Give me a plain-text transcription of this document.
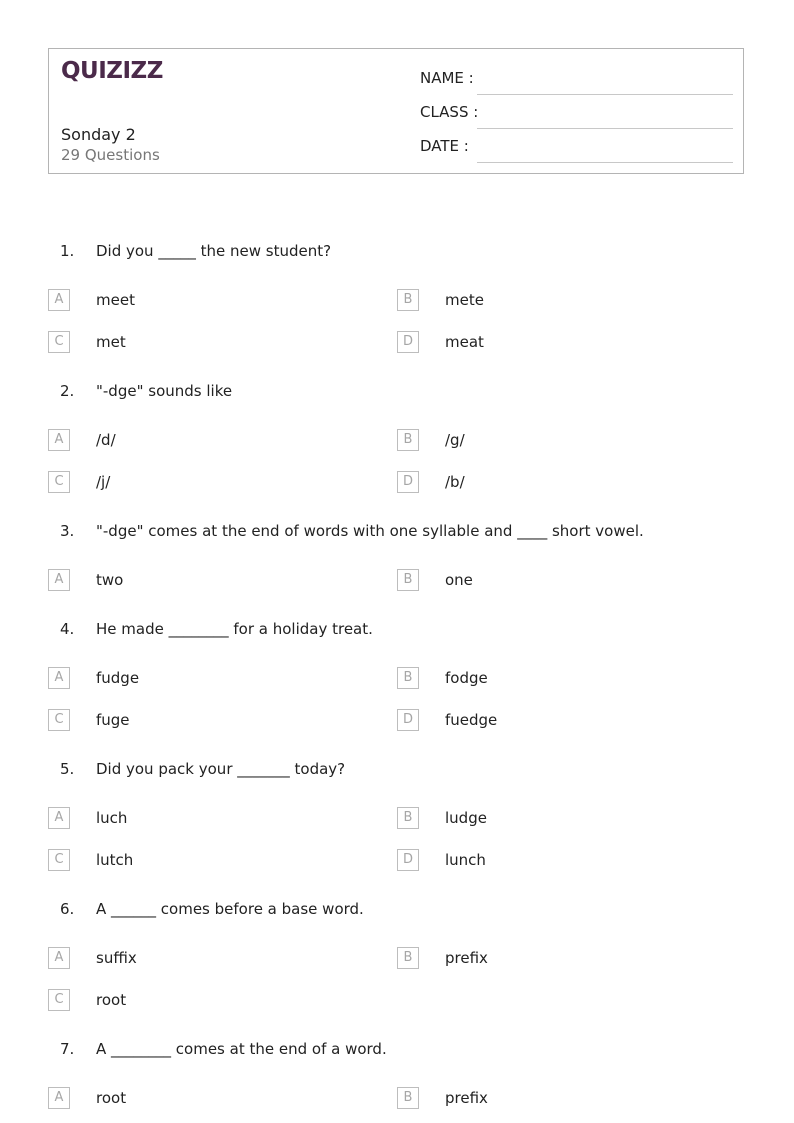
QUIZIZZ
Sonday 2
29 Questions
NAME :
CLASS :
DATE :
1. Did you _____ the new student?
A	meet	B	mete
C	met	D	meat
2. "-dge" sounds like
A	/d/	B	/g/
C	/j/	D	/b/
3. "-dge" comes at the end of words with one syllable and ____ short vowel.
A	two	B	one
4. He made ________ for a holiday treat.
A	fudge	B	fodge
C	fuge	D	fuedge
5. Did you pack your _______ today?
A	luch	B	ludge
C	lutch	D	lunch
6. A ______ comes before a base word.
A	suffix	B	prefix
C	root
7. A ________ comes at the end of a word.
A	root	B	prefix
